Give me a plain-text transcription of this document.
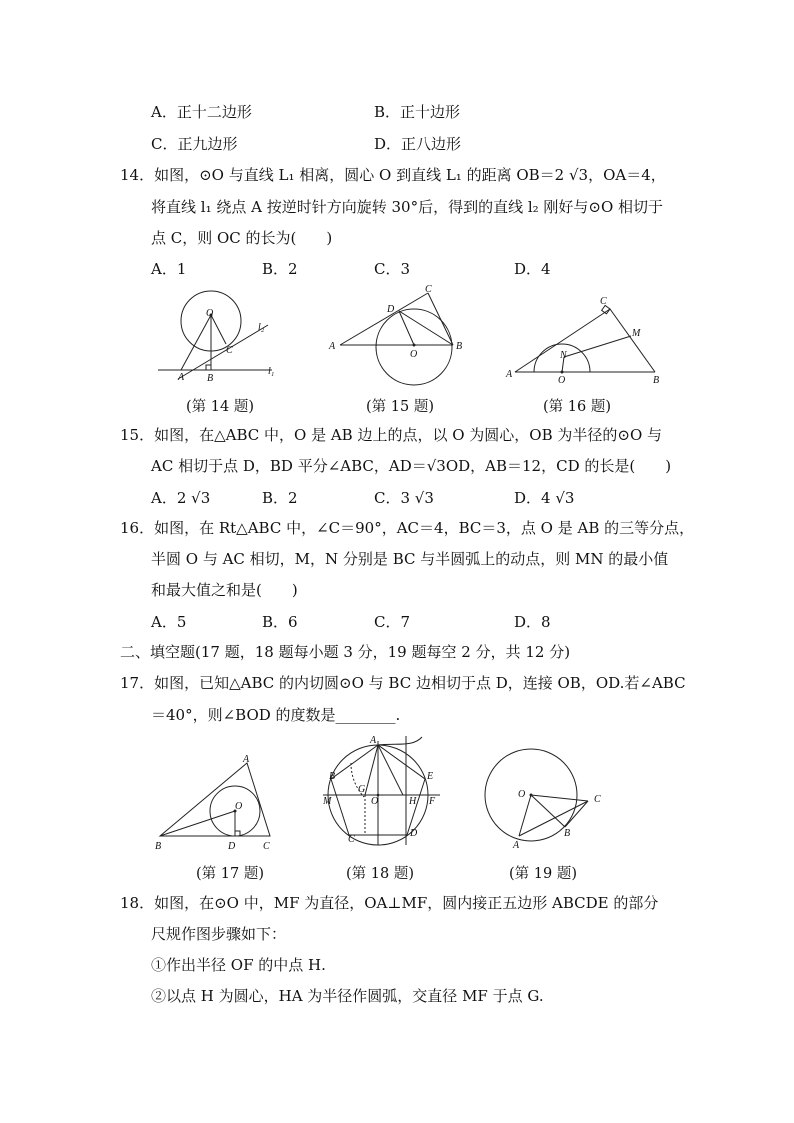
A．正十二边形	B．正十边形
C．正九边形	D．正八边形
14．如图，⊙O 与直线 L₁ 相离，圆心 O 到直线 L₁ 的距离 OB＝2 √3，OA＝4，
将直线 l₁ 绕点 A 按逆时针方向旋转 30°后，得到的直线 l₂ 刚好与⊙O 相切于
点 C，则 OC 的长为(　　)
A．1	B．2	C．3	D．4
O
l₂
C
A B
l₁
C
D
A
O
B
C
M
N
A
O	B
(第 14 题)	(第 15 题)	(第 16 题)
15．如图，在△ABC 中，O 是 AB 边上的点，以 O 为圆心，OB 为半径的⊙O 与
AC 相切于点 D，BD 平分∠ABC，AD＝√3OD，AB＝12，CD 的长是(　　)
A．2 √3	B．2	C．3 √3	D．4 √3
16．如图，在 Rt△ABC 中，∠C＝90°，AC＝4，BC＝3，点 O 是 AB 的三等分点，
半圆 O 与 AC 相切，M，N 分别是 BC 与半圆弧上的动点，则 MN 的最小值
和最大值之和是(　　)
A．5	B．6	C．7	D．8
二、填空题(17 题，18 题每小题 3 分，19 题每空 2 分，共 12 分)
17．如图，已知△ABC 的内切圆⊙O 与 BC 边相切于点 D，连接 OB，OD.若∠ABC
＝40°，则∠BOD 的度数是________.
A
O
B	D	C
A
B	E
G
M	O	H F
C
D
O	C
B
A
(第 17 题)	(第 18 题)	(第 19 题)
18．如图，在⊙O 中，MF 为直径，OA⊥MF，圆内接正五边形 ABCDE 的部分
尺规作图步骤如下：
①作出半径 OF 的中点 H.
②以点 H 为圆心，HA 为半径作圆弧，交直径 MF 于点 G.
